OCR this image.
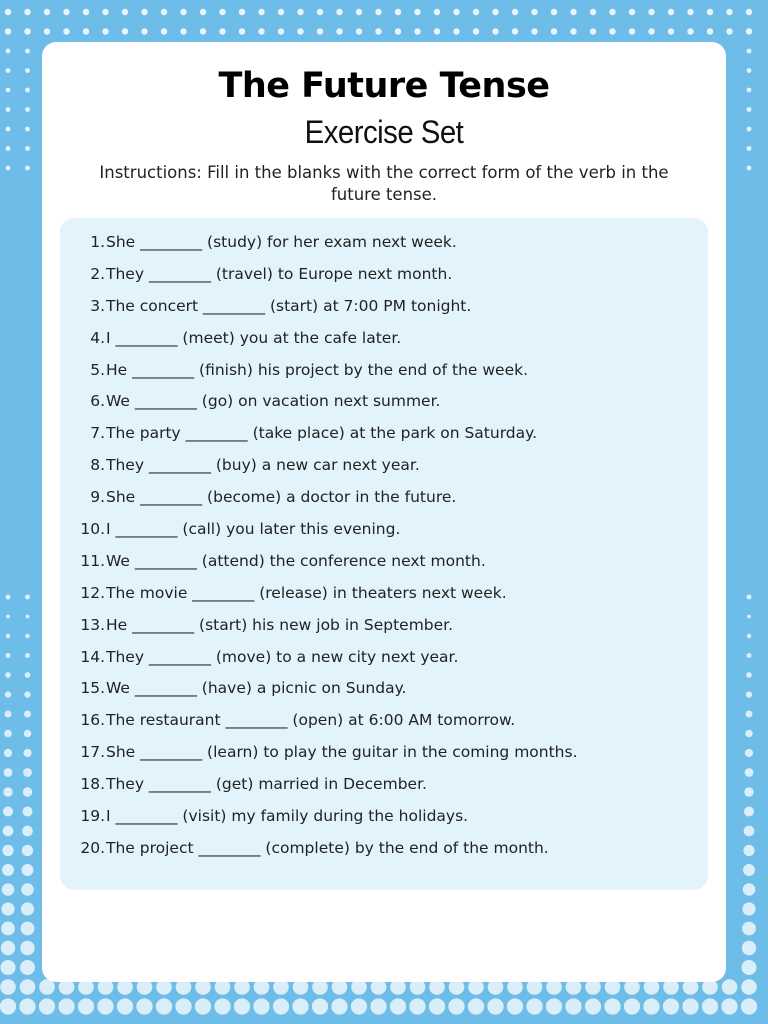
The Future Tense
Exercise Set
Instructions: Fill in the blanks with the correct form of the verb in the future tense.
1. She ________ (study) for her exam next week.
2. They ________ (travel) to Europe next month.
3. The concert ________ (start) at 7:00 PM tonight.
4. I ________ (meet) you at the cafe later.
5. He ________ (finish) his project by the end of the week.
6. We ________ (go) on vacation next summer.
7. The party ________ (take place) at the park on Saturday.
8. They ________ (buy) a new car next year.
9. She ________ (become) a doctor in the future.
10. I ________ (call) you later this evening.
11. We ________ (attend) the conference next month.
12. The movie ________ (release) in theaters next week.
13. He ________ (start) his new job in September.
14. They ________ (move) to a new city next year.
15. We ________ (have) a picnic on Sunday.
16. The restaurant ________ (open) at 6:00 AM tomorrow.
17. She ________ (learn) to play the guitar in the coming months.
18. They ________ (get) married in December.
19. I ________ (visit) my family during the holidays.
20. The project ________ (complete) by the end of the month.
